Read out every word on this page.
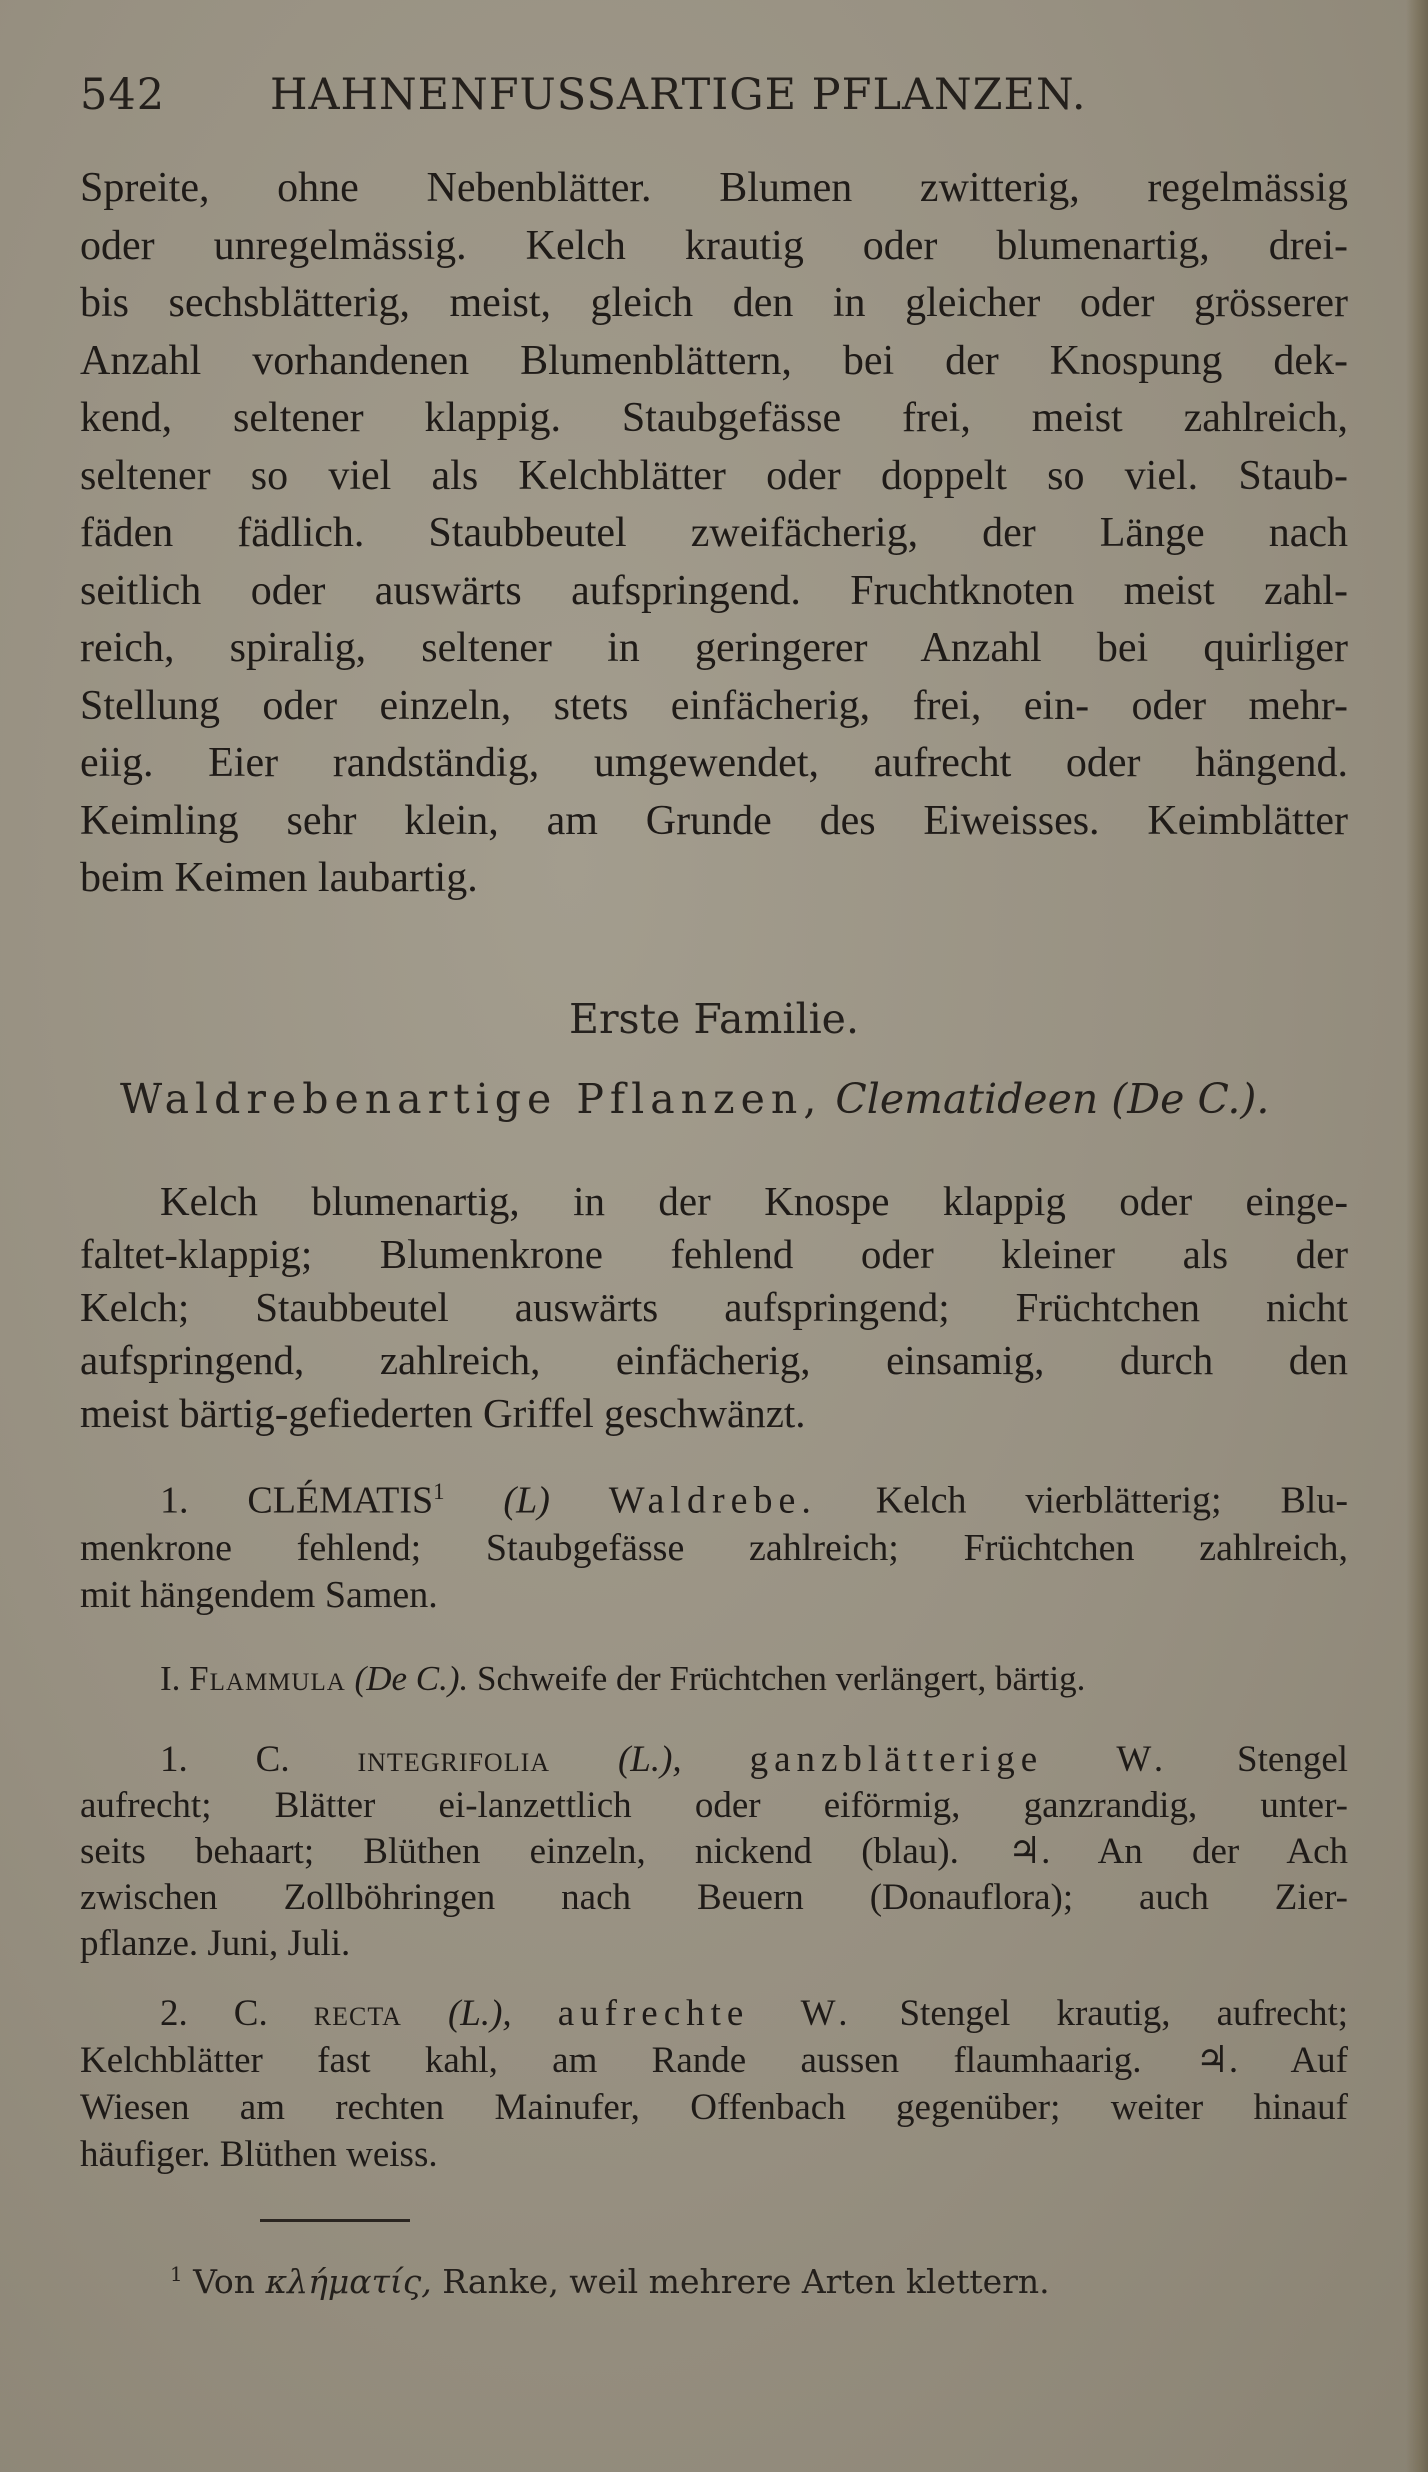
542 HAHNENFUSSARTIGE PFLANZEN.
Spreite, ohne Nebenblätter. Blumen zwitterig, regelmässig
oder unregelmässig. Kelch krautig oder blumenartig, drei-
bis sechsblätterig, meist, gleich den in gleicher oder grösserer
Anzahl vorhandenen Blumenblättern, bei der Knospung dek-
kend, seltener klappig. Staubgefässe frei, meist zahlreich,
seltener so viel als Kelchblätter oder doppelt so viel. Staub-
fäden fädlich. Staubbeutel zweifächerig, der Länge nach
seitlich oder auswärts aufspringend. Fruchtknoten meist zahl-
reich, spiralig, seltener in geringerer Anzahl bei quirliger
Stellung oder einzeln, stets einfächerig, frei, ein- oder mehr-
eiig. Eier randständig, umgewendet, aufrecht oder hängend.
Keimling sehr klein, am Grunde des Eiweisses. Keimblätter
beim Keimen laubartig.
Erste Familie.
Waldrebenartige Pflanzen, Clematideen (De C.).
Kelch blumenartig, in der Knospe klappig oder einge-
faltet-klappig; Blumenkrone fehlend oder kleiner als der
Kelch; Staubbeutel auswärts aufspringend; Früchtchen nicht
aufspringend, zahlreich, einfächerig, einsamig, durch den
meist bärtig-gefiederten Griffel geschwänzt.
1. CLÉMATIS$^1$ (L) Waldrebe. Kelch vierblätterig; Blu-
menkrone fehlend; Staubgefässe zahlreich; Früchtchen zahlreich,
mit hängendem Samen.
I. Flammula (De C.). Schweife der Früchtchen verlängert, bärtig.
1. C. integrifolia (L.), ganzblätterige W. Stengel
aufrecht; Blätter ei-lanzettlich oder eiförmig, ganzrandig, unter-
seits behaart; Blüthen einzeln, nickend (blau). ♃. An der Ach
zwischen Zollböhringen nach Beuern (Donauflora); auch Zier-
pflanze. Juni, Juli.
2. C. recta (L.), aufrechte W. Stengel krautig, aufrecht;
Kelchblätter fast kahl, am Rande aussen flaumhaarig. ♃. Auf
Wiesen am rechten Mainufer, Offenbach gegenüber; weiter hinauf
häufiger. Blüthen weiss.
$^1$ Von κλήματίς, Ranke, weil mehrere Arten klettern.
